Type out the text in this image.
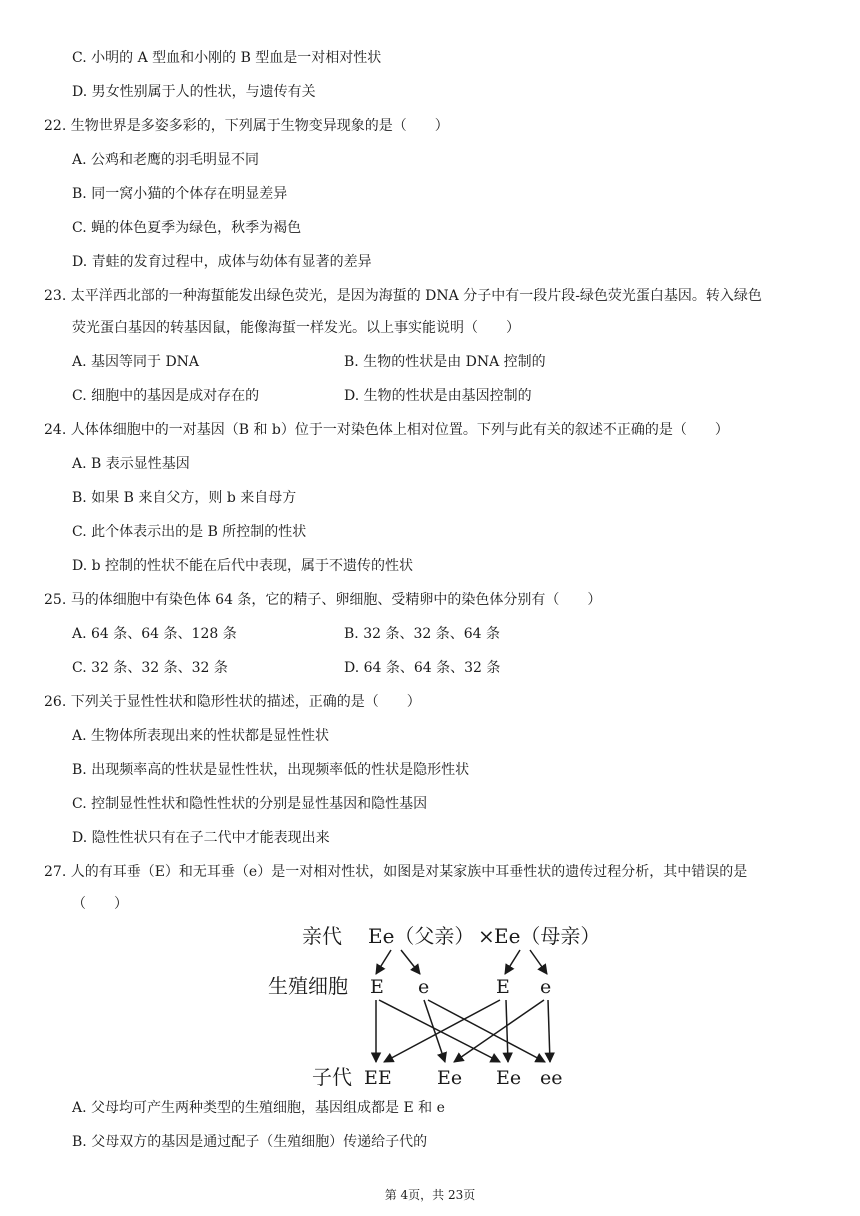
C. 小明的 A 型血和小刚的 B 型血是一对相对性状
D. 男女性别属于人的性状，与遗传有关
22. 生物世界是多姿多彩的，下列属于生物变异现象的是（　　）
A. 公鸡和老鹰的羽毛明显不同
B. 同一窝小猫的个体存在明显差异
C. 蝇的体色夏季为绿色，秋季为褐色
D. 青蛙的发育过程中，成体与幼体有显著的差异
23. 太平洋西北部的一种海蜇能发出绿色荧光，是因为海蜇的 DNA 分子中有一段片段-绿色荧光蛋白基因。转入绿色
荧光蛋白基因的转基因鼠，能像海蜇一样发光。以上事实能说明（　　）
A. 基因等同于 DNA	B. 生物的性状是由 DNA 控制的
C. 细胞中的基因是成对存在的	D. 生物的性状是由基因控制的
24. 人体体细胞中的一对基因（B 和 b）位于一对染色体上相对位置。下列与此有关的叙述不正确的是（　　）
A. B 表示显性基因
B. 如果 B 来自父方，则 b 来自母方
C. 此个体表示出的是 B 所控制的性状
D. b 控制的性状不能在后代中表现，属于不遗传的性状
25. 马的体细胞中有染色体 64 条，它的精子、卵细胞、受精卵中的染色体分别有（　　）
A. 64 条、64 条、128 条	B. 32 条、32 条、64 条
C. 32 条、32 条、32 条	D. 64 条、64 条、32 条
26. 下列关于显性性状和隐形性状的描述，正确的是（　　）
A. 生物体所表现出来的性状都是显性性状
B. 出现频率高的性状是显性性状，出现频率低的性状是隐形性状
C. 控制显性性状和隐性性状的分别是显性基因和隐性基因
D. 隐性性状只有在子二代中才能表现出来
27. 人的有耳垂（E）和无耳垂（e）是一对相对性状，如图是对某家族中耳垂性状的遗传过程分析，其中错误的是
（　　）
亲代 Ee（父亲） × Ee（母亲）
生殖细胞 E e	E e
子代 EE Ee Ee ee
A. 父母均可产生两种类型的生殖细胞，基因组成都是 E 和 e
B. 父母双方的基因是通过配子（生殖细胞）传递给子代的
第 4页，共 23页
